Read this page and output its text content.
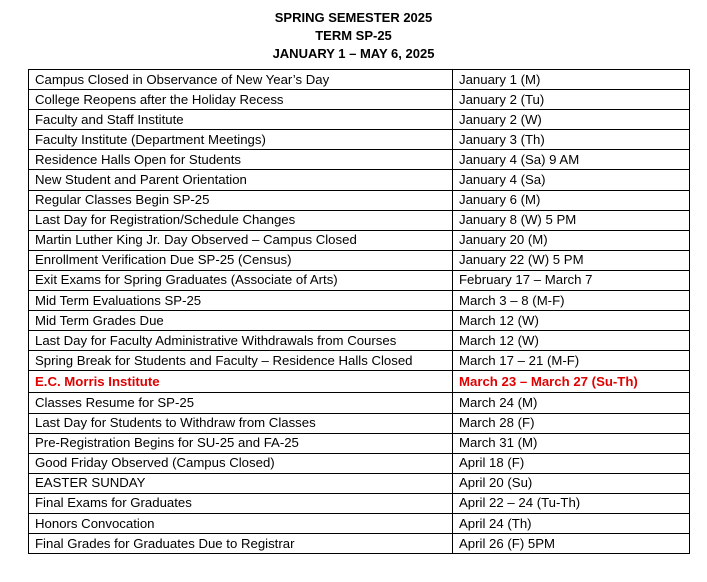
SPRING SEMESTER 2025
TERM SP-25
JANUARY 1 – MAY 6, 2025
Campus Closed in Observance of New Year’s Day	January 1 (M)
College Reopens after the Holiday Recess	January 2 (Tu)
Faculty and Staff Institute	January 2 (W)
Faculty Institute (Department Meetings)	January 3 (Th)
Residence Halls Open for Students	January 4 (Sa) 9 AM
New Student and Parent Orientation	January 4 (Sa)
Regular Classes Begin SP-25	January 6 (M)
Last Day for Registration/Schedule Changes	January 8 (W) 5 PM
Martin Luther King Jr. Day Observed – Campus Closed	January 20 (M)
Enrollment Verification Due SP-25 (Census)	January 22 (W) 5 PM
Exit Exams for Spring Graduates (Associate of Arts)	February 17 – March 7
Mid Term Evaluations SP-25	March 3 – 8 (M-F)
Mid Term Grades Due	March 12 (W)
Last Day for Faculty Administrative Withdrawals from Courses	March 12 (W)
Spring Break for Students and Faculty – Residence Halls Closed	March 17 – 21 (M-F)
E.C. Morris Institute	March 23 – March 27 (Su-Th)
Classes Resume for SP-25	March 24 (M)
Last Day for Students to Withdraw from Classes	March 28 (F)
Pre-Registration Begins for SU-25 and FA-25	March 31 (M)
Good Friday Observed (Campus Closed)	April 18 (F)
EASTER SUNDAY	April 20 (Su)
Final Exams for Graduates	April 22 – 24 (Tu-Th)
Honors Convocation	April 24 (Th)
Final Grades for Graduates Due to Registrar	April 26 (F) 5PM
